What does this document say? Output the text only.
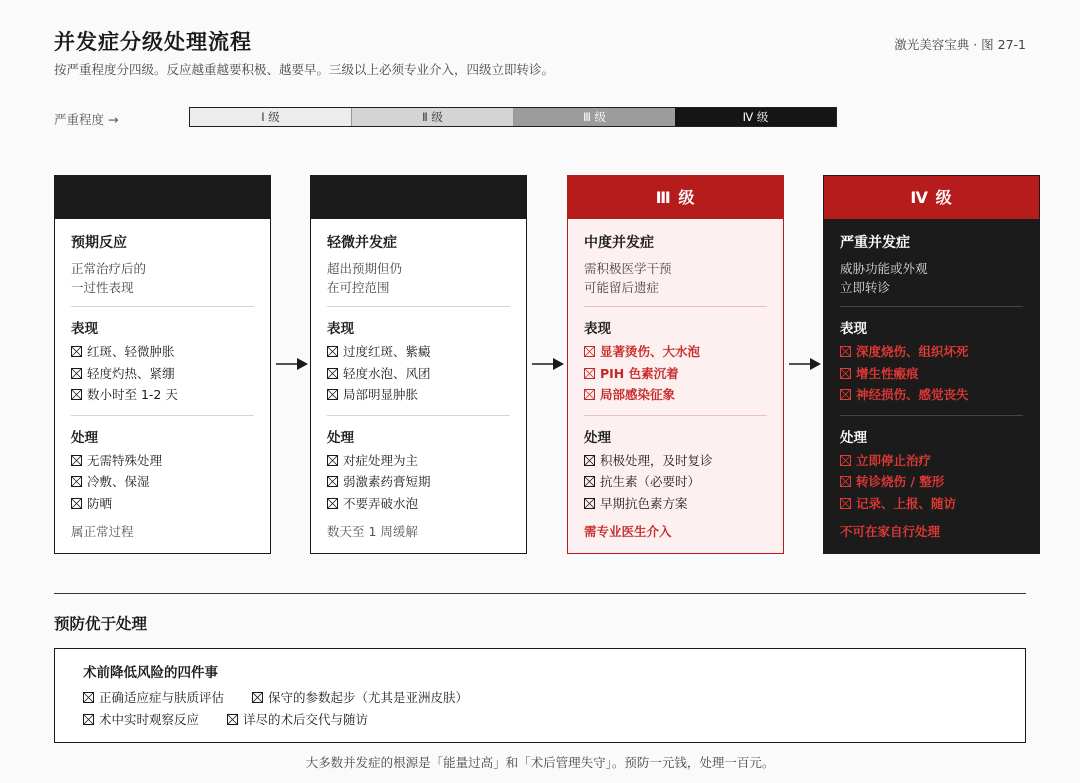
并发症分级处理流程
按严重程度分四级。反应越重越要积极、越要早。三级以上必须专业介入，四级立即转诊。
激光美容宝典 · 图 27-1
严重程度 →	Ⅰ 级	Ⅱ 级	Ⅲ 级	Ⅳ 级
预期反应
正常治疗后的
一过性表现
表现
红斑、轻微肿胀
轻度灼热、紧绷
数小时至 1-2 天
处理
无需特殊处理
冷敷、保湿
防晒
属正常过程
轻微并发症
超出预期但仍
在可控范围
表现
过度红斑、紫癜
轻度水泡、风团
局部明显肿胀
处理
对症处理为主
弱激素药膏短期
不要弄破水泡
数天至 1 周缓解
Ⅲ 级
中度并发症
需积极医学干预
可能留后遗症
表现
显著烫伤、大水泡
PIH 色素沉着
局部感染征象
处理
积极处理，及时复诊
抗生素（必要时）
早期抗色素方案
需专业医生介入
Ⅳ 级
严重并发症
威胁功能或外观
立即转诊
表现
深度烧伤、组织坏死
增生性瘢痕
神经损伤、感觉丧失
处理
立即停止治疗
转诊烧伤 / 整形
记录、上报、随访
不可在家自行处理
预防优于处理
术前降低风险的四件事
正确适应症与肤质评估	保守的参数起步（尤其是亚洲皮肤）
术中实时观察反应	详尽的术后交代与随访
大多数并发症的根源是「能量过高」和「术后管理失守」。预防一元钱，处理一百元。
